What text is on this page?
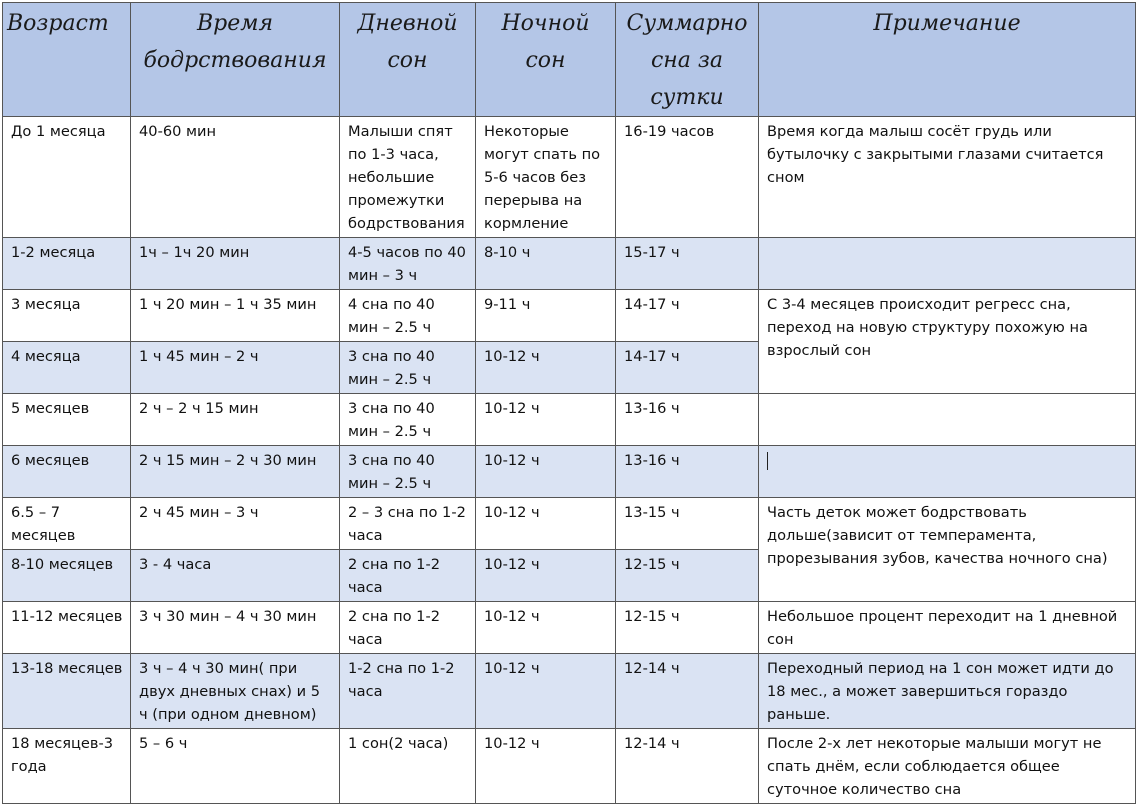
Возраст	Время бодрствования	Дневной сон	Ночной сон	Суммарно сна за сутки	Примечание
До 1 месяца	40-60 мин	Малыши спят по 1-3 часа, небольшие промежутки бодрствования	Некоторые могут спать по 5-6 часов без перерыва на кормление	16-19 часов	Время когда малыш сосёт грудь или бутылочку с закрытыми глазами считается сном
1-2 месяца	1ч – 1ч 20 мин	4-5 часов по 40 мин – 3 ч	8-10 ч	15-17 ч	
3 месяца	1 ч 20 мин – 1 ч 35 мин	4 сна по 40 мин – 2.5 ч	9-11 ч	14-17 ч	С 3-4 месяцев происходит регресс сна, переход на новую структуру похожую на взрослый сон
4 месяца	1 ч 45 мин – 2 ч	3 сна по 40 мин – 2.5 ч	10-12 ч	14-17 ч	
5 месяцев	2 ч – 2 ч 15 мин	3 сна по 40 мин – 2.5 ч	10-12 ч	13-16 ч	
6 месяцев	2 ч 15 мин – 2 ч 30 мин	3 сна по 40 мин – 2.5 ч	10-12 ч	13-16 ч	
6.5 – 7 месяцев	2 ч 45 мин – 3 ч	2 – 3 сна по 1-2 часа	10-12 ч	13-15 ч	Часть деток может бодрствовать дольше(зависит от темперамента, прорезывания зубов, качества ночного сна)
8-10 месяцев	3 - 4 часа	2 сна по 1-2 часа	10-12 ч	12-15 ч	
11-12 месяцев	3 ч 30 мин – 4 ч 30 мин	2 сна по 1-2 часа	10-12 ч	12-15 ч	Небольшое процент переходит на 1 дневной сон
13-18 месяцев	3 ч – 4 ч 30 мин( при двух дневных снах) и 5 ч (при одном дневном)	1-2 сна по 1-2 часа	10-12 ч	12-14 ч	Переходный период на 1 сон может идти до 18 мес., а может завершиться гораздо раньше.
18 месяцев-3 года	5 – 6 ч	1 сон(2 часа)	10-12 ч	12-14 ч	После 2-х лет некоторые малыши могут не спать днём, если соблюдается общее суточное количество сна
